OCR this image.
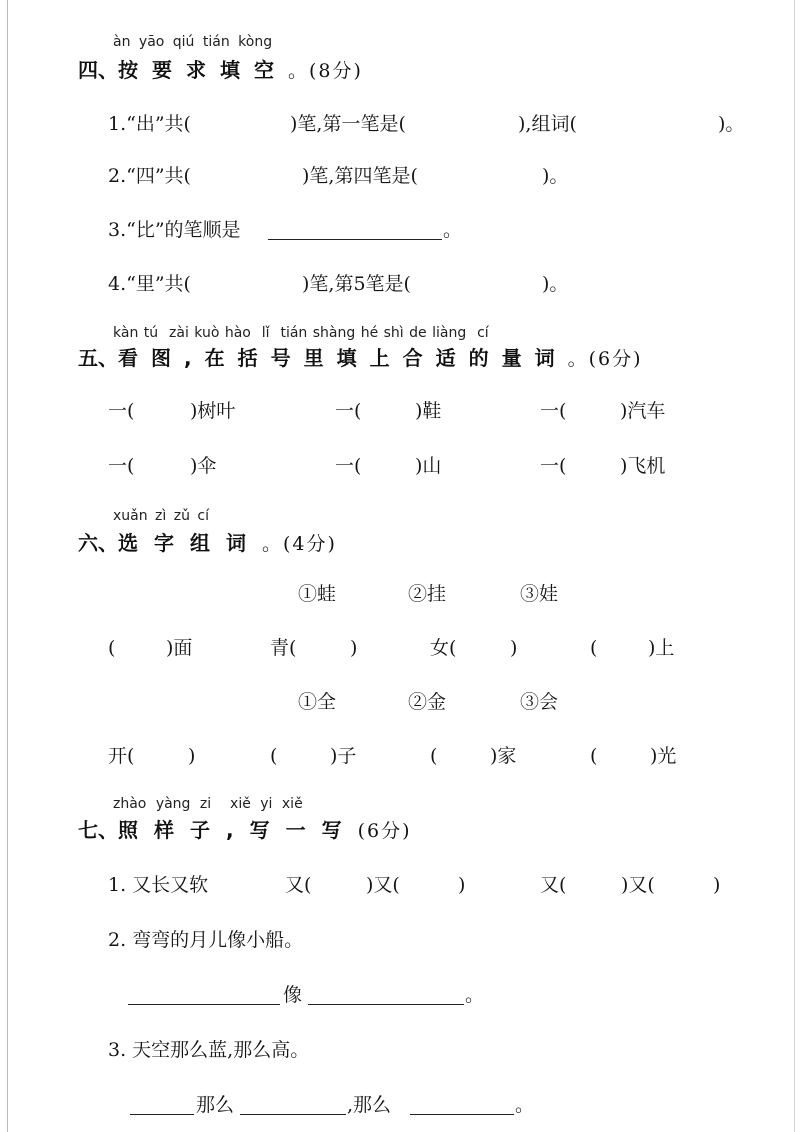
àn yāo qiú tián kòng
四、按要求填空。(8分)
1.“出”共(	)笔,第一笔是(	),组词(	)。
2.“四”共(	)笔,第四笔是(	)。
3.“比”的笔顺是	。
4.“里”共(	)笔,第5笔是(	)。
kàn tú  zài kuò hào  lǐ  tián shàng hé shì de liàng  cí
五、看图,在括号里填上合适的量词。(6分)
一(	)树叶	一(	)鞋	一(	)汽车
一(	)伞	一(	)山	一(	)飞机
xuǎn zì zǔ cí
六、选字组词。(4分)
①蛙	②挂	③娃
(	)面	青(	)	女(	)	(	)上
①全	②金	③会
开(	)	(	)子	(	)家	(	)光
zhào yàng zi  xiě yi xiě
七、照样子,写一写(6分)
1. 又长又软	又(	)又(	)	又(	)又(	)
2. 弯弯的月儿像小船。
像	。
3. 天空那么蓝,那么高。
那么	,那么	。
